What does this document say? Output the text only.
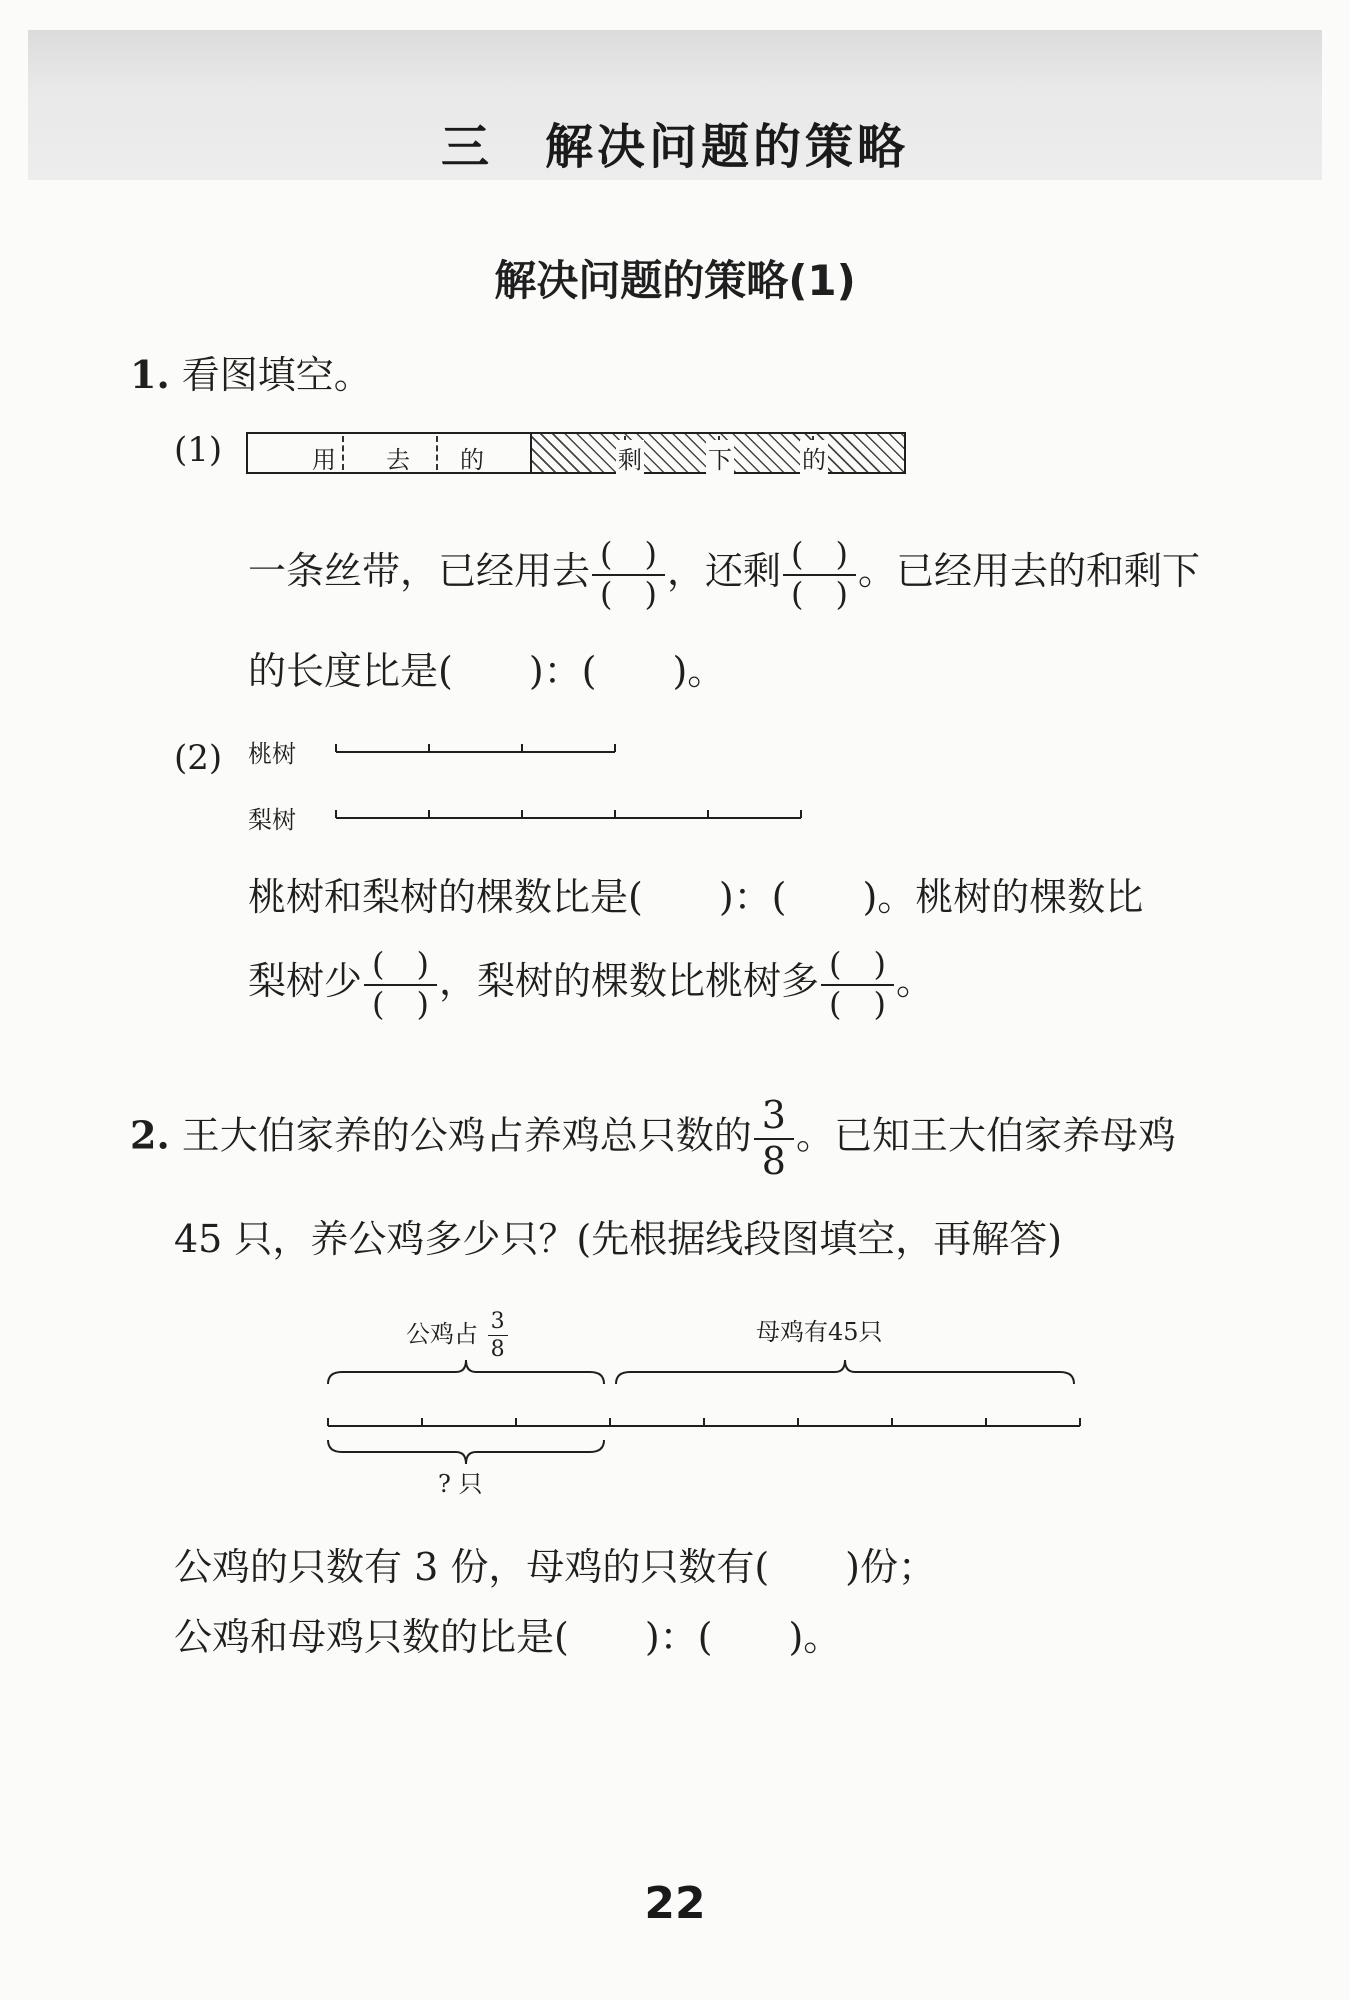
三　解决问题的策略
解决问题的策略(1)
1. 看图填空。
(1)	用 去 的	剩	下	的
一条丝带，已经用去 $\frac{( )}{( )}$ ，还剩 $\frac{( )}{( )}$ 。已经用去的和剩下
的长度比是(　　)：(　　)。
(2) 桃树
梨树
桃树和梨树的棵数比是(　　)：(　　)。桃树的棵数比
梨树少 $\frac{( )}{( )}$ ，梨树的棵数比桃树多 $\frac{( )}{( )}$ 。
2. 王大伯家养的公鸡占养鸡总只数的 $\frac{3}{8}$ 。已知王大伯家养母鸡
45 只，养公鸡多少只？(先根据线段图填空，再解答)
公鸡占 $\frac{3}{8}$	母鸡有45只
? 只
公鸡的只数有 3 份，母鸡的只数有(　　)份；
公鸡和母鸡只数的比是(　　)：(　　)。
22
